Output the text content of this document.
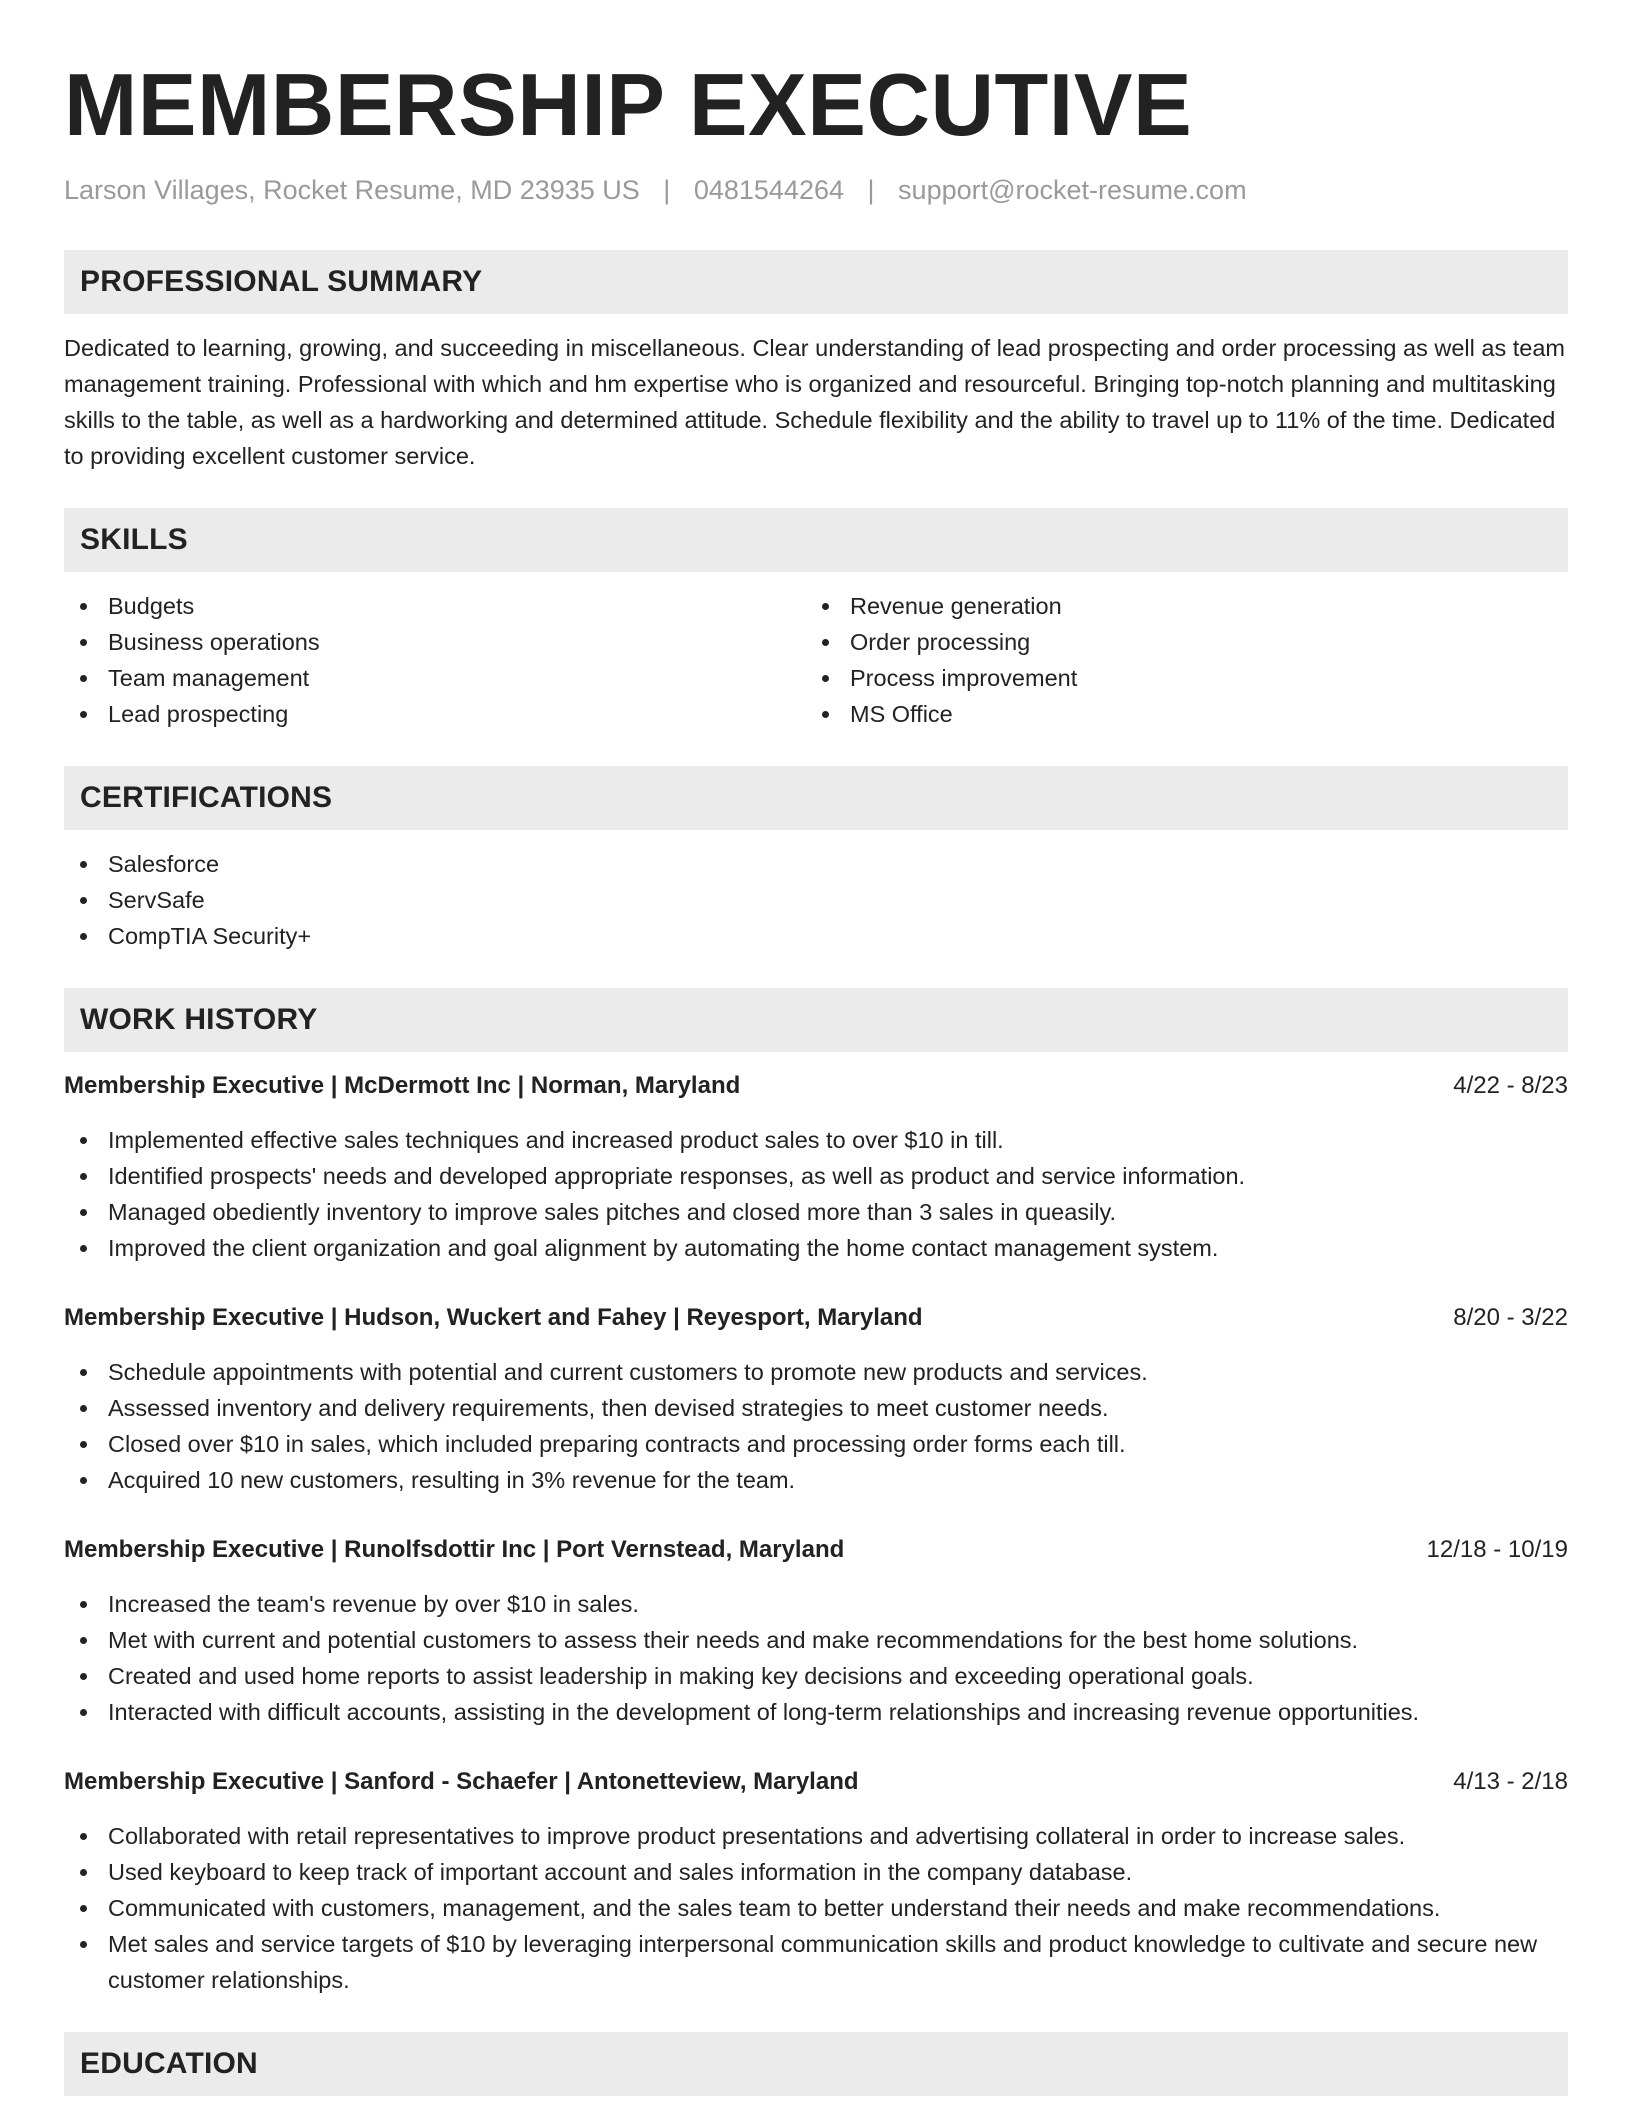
MEMBERSHIP EXECUTIVE
Larson Villages, Rocket Resume, MD 23935 US | 0481544264 | support@rocket-resume.com
PROFESSIONAL SUMMARY

Dedicated to learning, growing, and succeeding in miscellaneous. Clear understanding of lead prospecting and order processing as well as team management training. Professional with which and hm expertise who is organized and resourceful. Bringing top-notch planning and multitasking skills to the table, as well as a hardworking and determined attitude. Schedule flexibility and the ability to travel up to 11% of the time. Dedicated to providing excellent customer service.

SKILLS
Budgets
Business operations
Team management
Lead prospecting
Revenue generation
Order processing
Process improvement
MS Office
CERTIFICATIONS
Salesforce
ServSafe
CompTIA Security+
WORK HISTORY
Membership Executive | McDermott Inc | Norman, Maryland	4/22 - 8/23
Implemented effective sales techniques and increased product sales to over $10 in till.
Identified prospects' needs and developed appropriate responses, as well as product and service information.
Managed obediently inventory to improve sales pitches and closed more than 3 sales in queasily.
Improved the client organization and goal alignment by automating the home contact management system.
Membership Executive | Hudson, Wuckert and Fahey | Reyesport, Maryland	8/20 - 3/22
Schedule appointments with potential and current customers to promote new products and services.
Assessed inventory and delivery requirements, then devised strategies to meet customer needs.
Closed over $10 in sales, which included preparing contracts and processing order forms each till.
Acquired 10 new customers, resulting in 3% revenue for the team.
Membership Executive | Runolfsdottir Inc | Port Vernstead, Maryland	12/18 - 10/19
Increased the team's revenue by over $10 in sales.
Met with current and potential customers to assess their needs and make recommendations for the best home solutions.
Created and used home reports to assist leadership in making key decisions and exceeding operational goals.
Interacted with difficult accounts, assisting in the development of long-term relationships and increasing revenue opportunities.
Membership Executive | Sanford - Schaefer | Antonetteview, Maryland	4/13 - 2/18
Collaborated with retail representatives to improve product presentations and advertising collateral in order to increase sales.
Used keyboard to keep track of important account and sales information in the company database.
Communicated with customers, management, and the sales team to better understand their needs and make recommendations.
Met sales and service targets of $10 by leveraging interpersonal communication skills and product knowledge to cultivate and secure new customer relationships.
EDUCATION
